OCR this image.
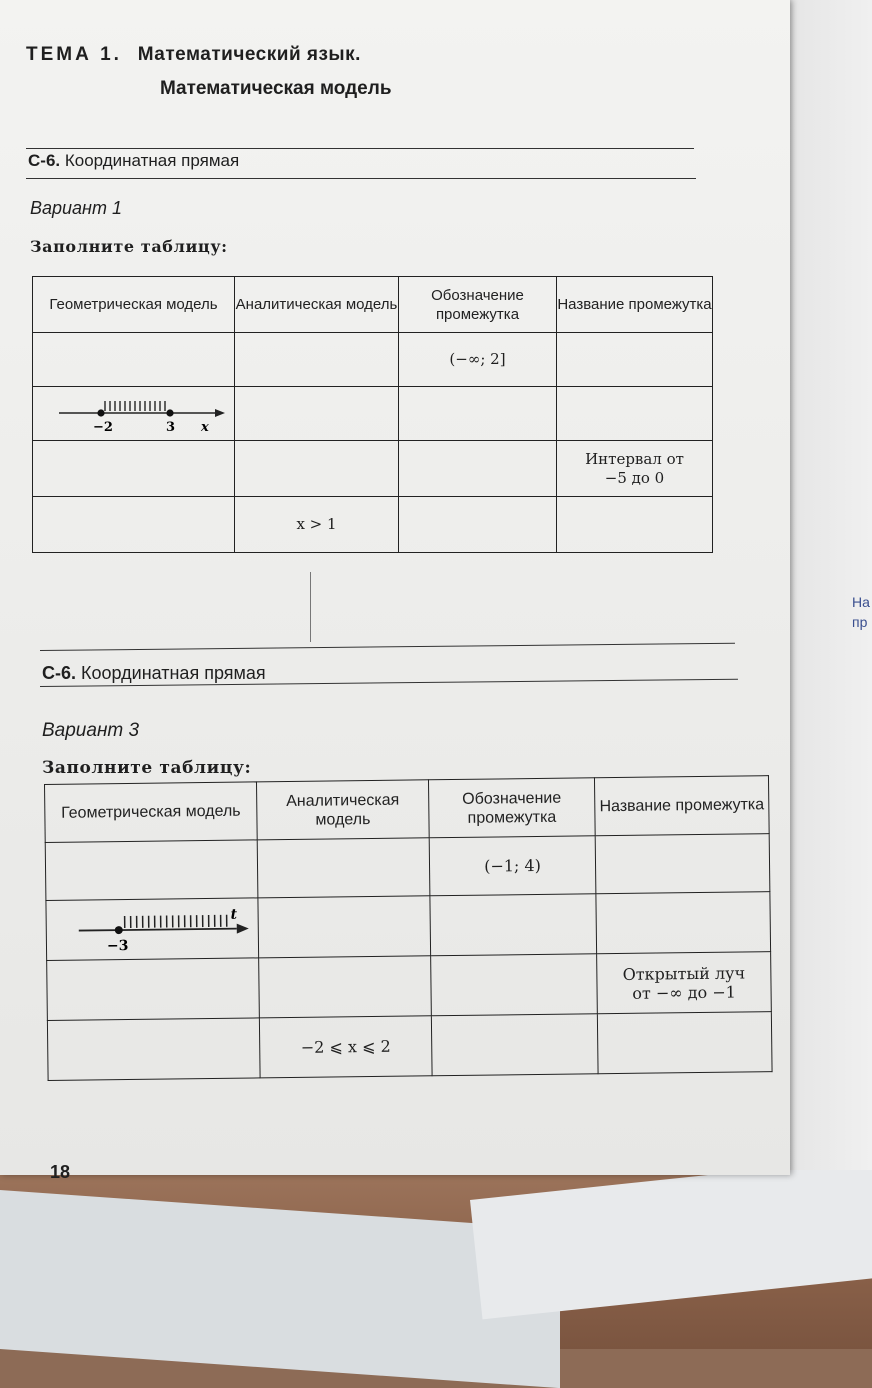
На
пр
ТЕМА 1. Математический язык.
Математическая модель
С-6. Координатная прямая
Вариант 1
Заполните таблицу:
Геометрическая модель	Аналитическая модель	Обозначение промежутка	Название промежутка
		(−∞; 2]	

−2 3 x			

			Интервал от −5 до 0
	x > 1		
С-6. Координатная прямая
Вариант 3
Заполните таблицу:
Геометрическая модель	Аналитическая модель	Обозначение промежутка	Название промежутка
		(−1; 4)	

−3
t			

			Открытый луч от −∞ до −1
	−2 ⩽ x ⩽ 2		
18
